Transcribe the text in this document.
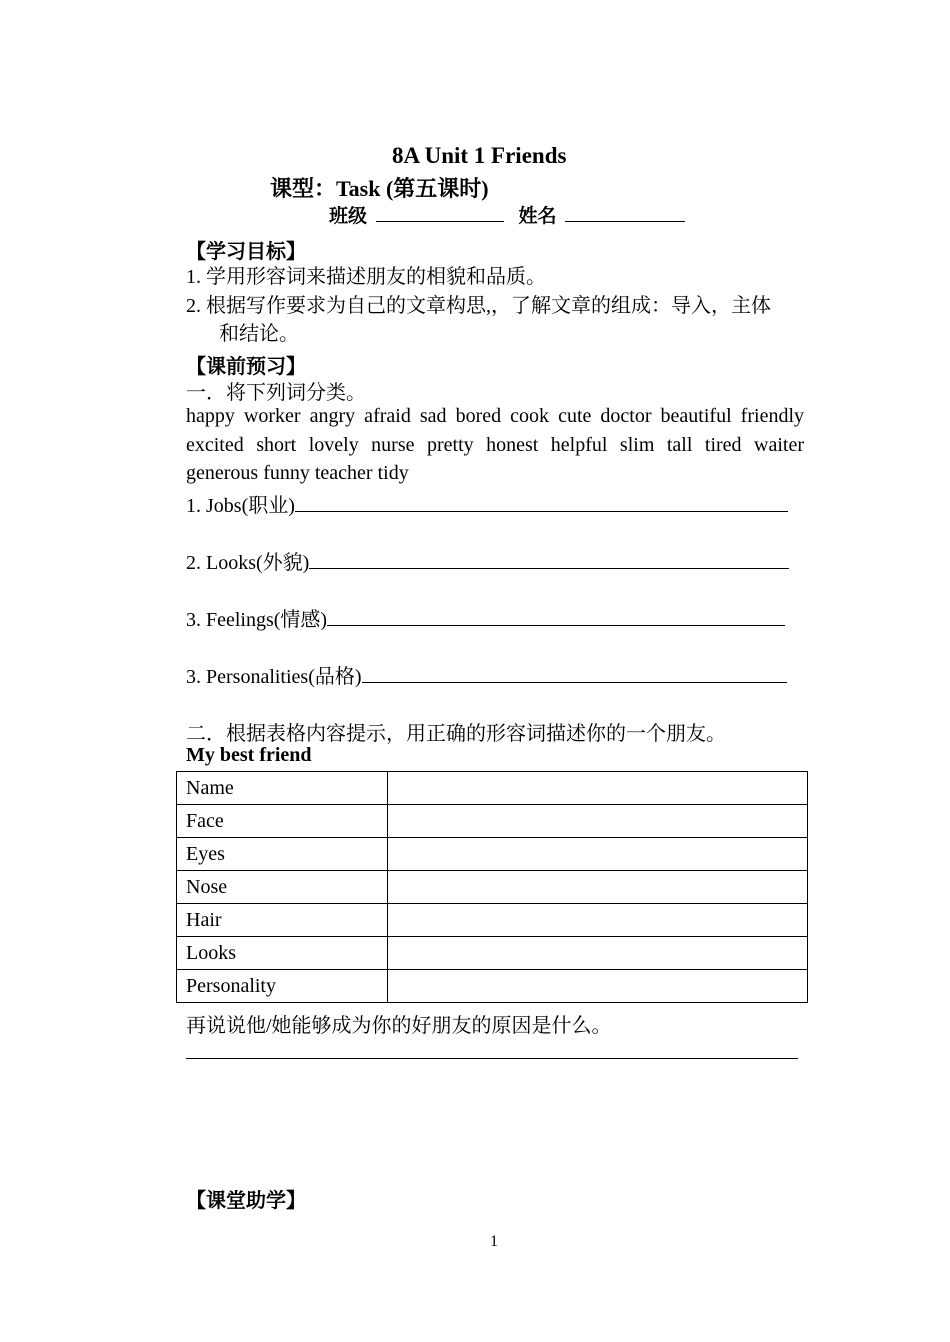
8A Unit 1 Friends
课型：Task (第五课时)
班级	姓名
【学习目标】
1. 学用形容词来描述朋友的相貌和品质。
2. 根据写作要求为自己的文章构思,，了解文章的组成：导入，主体
和结论。
【课前预习】
一．将下列词分类。
happy worker angry afraid sad bored cook cute doctor beautiful friendly excited short lovely nurse pretty honest helpful slim tall tired waiter generous funny teacher tidy
1. Jobs(职业)
2. Looks(外貌)
3. Feelings(情感)
3. Personalities(品格)
二．根据表格内容提示，用正确的形容词描述你的一个朋友。
My best friend
Name	
Face	
Eyes	
Nose	
Hair	
Looks	
Personality	
再说说他/她能够成为你的好朋友的原因是什么。
【课堂助学】
1
